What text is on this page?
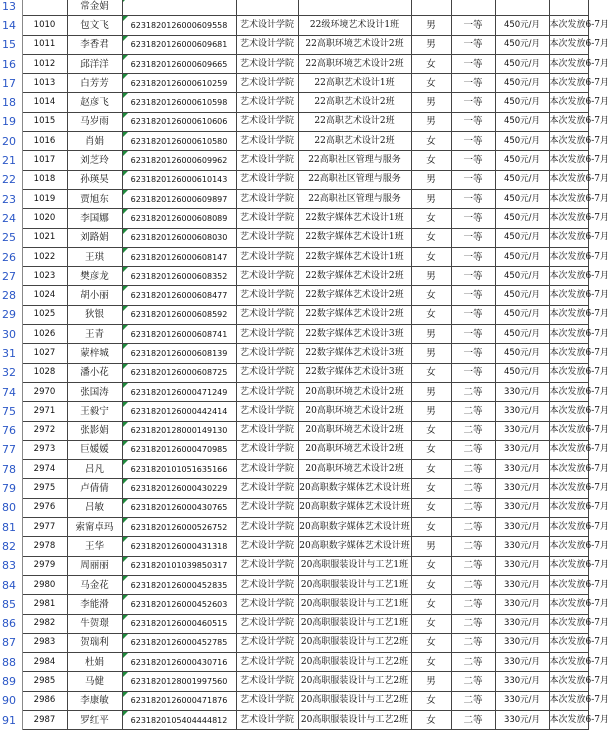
13		常金娟							
14	1010	包文飞	6231820126000609558	艺术设计学院	22级环境艺术设计1班	男	一等	450元/月	本次发放6-7月
15	1011	李香君	6231820126000609681	艺术设计学院	22高职环境艺术设计2班	男	一等	450元/月	本次发放6-7月
16	1012	邱洋洋	6231820126000609665	艺术设计学院	22高职环境艺术设计2班	女	一等	450元/月	本次发放6-7月
17	1013	白芳芳	6231820126000610259	艺术设计学院	22高职艺术设计1班	女	一等	450元/月	本次发放6-7月
18	1014	赵彦飞	6231820126000610598	艺术设计学院	22高职艺术设计2班	男	一等	450元/月	本次发放6-7月
19	1015	马岁雨	6231820126000610606	艺术设计学院	22高职艺术设计2班	男	一等	450元/月	本次发放6-7月
20	1016	肖娟	6231820126000610580	艺术设计学院	22高职艺术设计2班	女	一等	450元/月	本次发放6-7月
21	1017	刘芝玲	6231820126000609962	艺术设计学院	22高职社区管理与服务	女	一等	450元/月	本次发放6-7月
22	1018	孙瑛昊	6231820126000610143	艺术设计学院	22高职社区管理与服务	男	一等	450元/月	本次发放6-7月
23	1019	贾旭东	6231820126000609897	艺术设计学院	22高职社区管理与服务	男	一等	450元/月	本次发放6-7月
24	1020	李国娜	6231820126000608089	艺术设计学院	22数字媒体艺术设计1班	女	一等	450元/月	本次发放6-7月
25	1021	刘路娟	6231820126000608030	艺术设计学院	22数字媒体艺术设计1班	女	一等	450元/月	本次发放6-7月
26	1022	王琪	6231820126000608147	艺术设计学院	22数字媒体艺术设计1班	女	一等	450元/月	本次发放6-7月
27	1023	樊彦龙	6231820126000608352	艺术设计学院	22数字媒体艺术设计2班	男	一等	450元/月	本次发放6-7月
28	1024	胡小丽	6231820126000608477	艺术设计学院	22数字媒体艺术设计2班	女	一等	450元/月	本次发放6-7月
29	1025	狄银	6231820126000608592	艺术设计学院	22数字媒体艺术设计2班	女	一等	450元/月	本次发放6-7月
30	1026	王青	6231820126000608741	艺术设计学院	22数字媒体艺术设计3班	男	一等	450元/月	本次发放6-7月
31	1027	蒙梓城	6231820126000608139	艺术设计学院	22数字媒体艺术设计3班	男	一等	450元/月	本次发放6-7月
32	1028	潘小花	6231820126000608725	艺术设计学院	22数字媒体艺术设计3班	女	一等	450元/月	本次发放6-7月
74	2970	张国涛	6231820126000471249	艺术设计学院	20高职环境艺术设计2班	男	二等	330元/月	本次发放6-7月
75	2971	王毅宁	6231820126000442414	艺术设计学院	20高职环境艺术设计2班	男	二等	330元/月	本次发放6-7月
76	2972	张影娟	6231820128000149130	艺术设计学院	20高职环境艺术设计2班	女	二等	330元/月	本次发放6-7月
77	2973	巨媛媛	6231820126000470985	艺术设计学院	20高职环境艺术设计2班	女	二等	330元/月	本次发放6-7月
78	2974	吕凡	6231820101051635166	艺术设计学院	20高职环境艺术设计2班	女	二等	330元/月	本次发放6-7月
79	2975	卢倩倩	6231820126000430229	艺术设计学院	20高职数字媒体艺术设计班	女	二等	330元/月	本次发放6-7月
80	2976	吕敏	6231820126000430765	艺术设计学院	20高职数字媒体艺术设计班	女	二等	330元/月	本次发放6-7月
81	2977	索甯卓玛	6231820126000526752	艺术设计学院	20高职数字媒体艺术设计班	女	二等	330元/月	本次发放6-7月
82	2978	王华	6231820126000431318	艺术设计学院	20高职数字媒体艺术设计班	男	二等	330元/月	本次发放6-7月
83	2979	周丽丽	6231820101039850317	艺术设计学院	20高职服装设计与工艺1班	女	二等	330元/月	本次发放6-7月
84	2980	马金花	6231820126000452835	艺术设计学院	20高职服装设计与工艺1班	女	二等	330元/月	本次发放6-7月
85	2981	李能滑	6231820126000452603	艺术设计学院	20高职服装设计与工艺1班	女	二等	330元/月	本次发放6-7月
86	2982	牛贺璟	6231820126000460515	艺术设计学院	20高职服装设计与工艺1班	女	二等	330元/月	本次发放6-7月
87	2983	贺瑞利	6231820126000452785	艺术设计学院	20高职服装设计与工艺2班	女	二等	330元/月	本次发放6-7月
88	2984	杜娟	6231820126000430716	艺术设计学院	20高职服装设计与工艺2班	女	二等	330元/月	本次发放6-7月
89	2985	马健	6231820128001997560	艺术设计学院	20高职服装设计与工艺2班	男	二等	330元/月	本次发放6-7月
90	2986	李康敏	6231820126000471876	艺术设计学院	20高职服装设计与工艺2班	女	二等	330元/月	本次发放6-7月
91	2987	罗红平	6231820105404444812	艺术设计学院	20高职服装设计与工艺2班	女	二等	330元/月	本次发放6-7月
